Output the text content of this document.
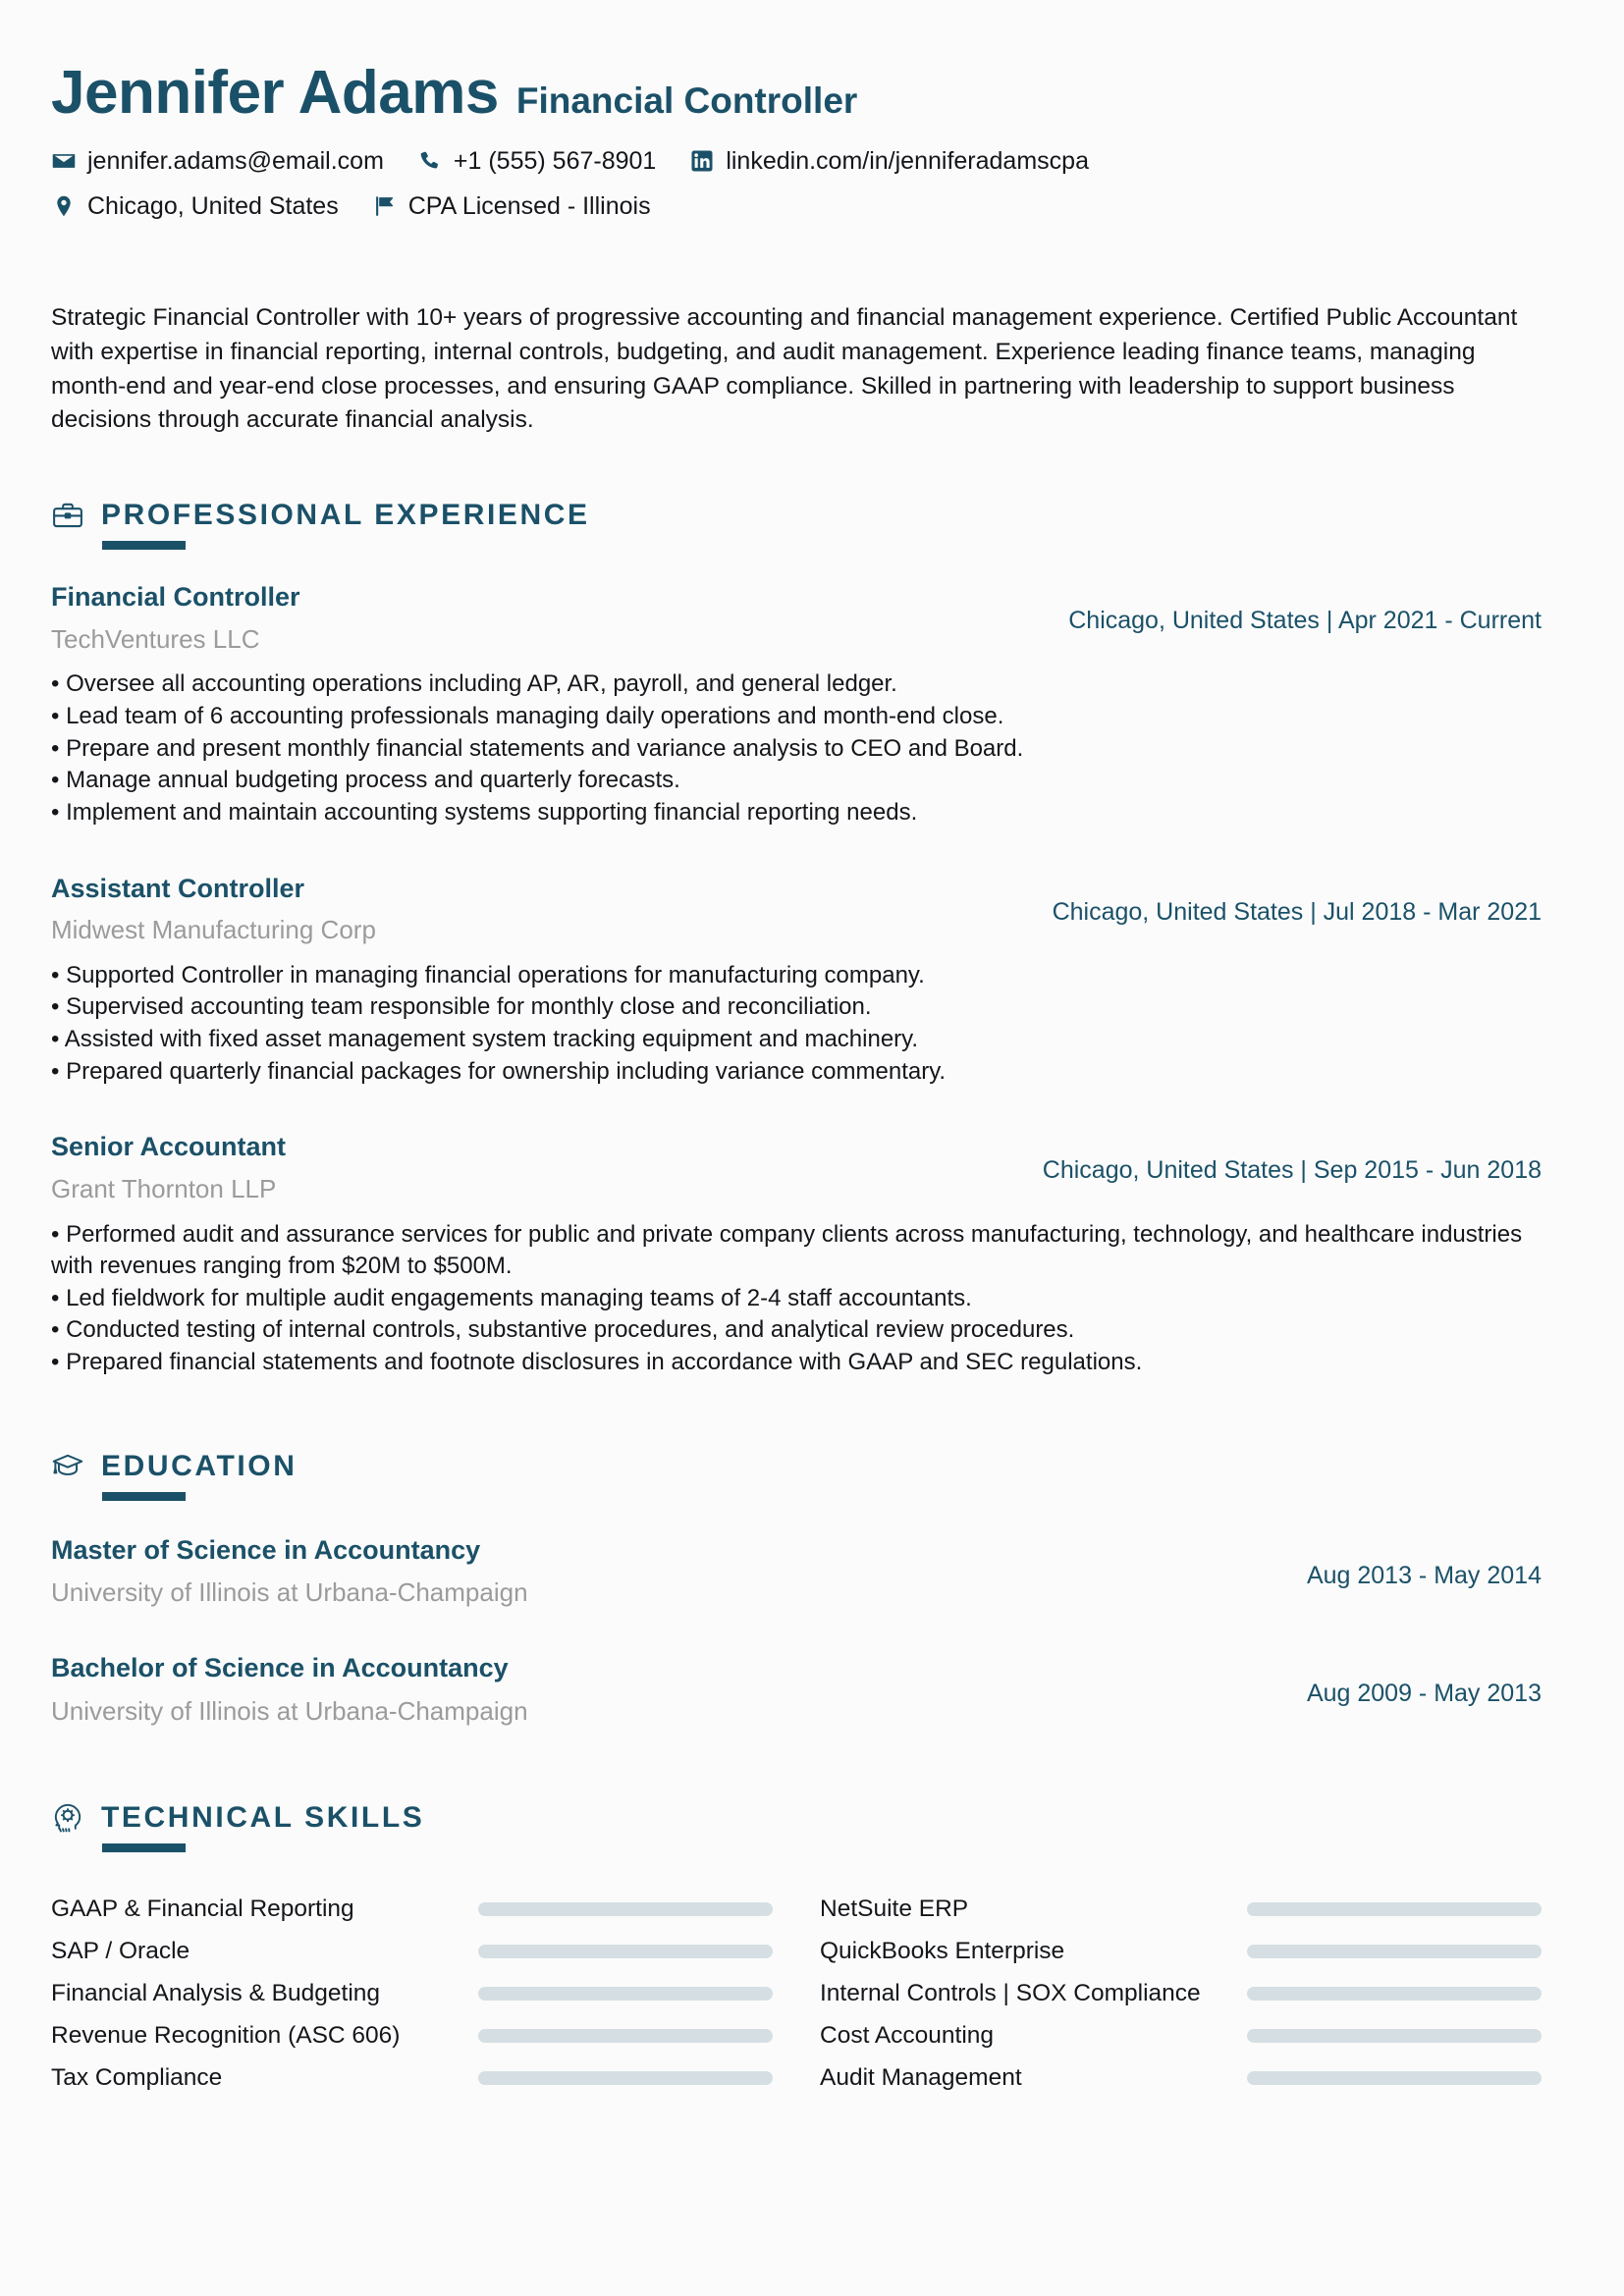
Jennifer Adams Financial Controller
jennifer.adams@email.com	+1 (555) 567-8901	linkedin.com/in/jenniferadamscpa
Chicago, United States	CPA Licensed - Illinois
Strategic Financial Controller with 10+ years of progressive accounting and financial management experience. Certified Public Accountant with expertise in financial reporting, internal controls, budgeting, and audit management. Experience leading finance teams, managing month-end and year-end close processes, and ensuring GAAP compliance. Skilled in partnering with leadership to support business decisions through accurate financial analysis.
PROFESSIONAL EXPERIENCE
Financial Controller
TechVentures LLC
Chicago, United States | Apr 2021 - Current
• Oversee all accounting operations including AP, AR, payroll, and general ledger.
• Lead team of 6 accounting professionals managing daily operations and month-end close.
• Prepare and present monthly financial statements and variance analysis to CEO and Board.
• Manage annual budgeting process and quarterly forecasts.
• Implement and maintain accounting systems supporting financial reporting needs.
Assistant Controller
Midwest Manufacturing Corp
Chicago, United States | Jul 2018 - Mar 2021
• Supported Controller in managing financial operations for manufacturing company.
• Supervised accounting team responsible for monthly close and reconciliation.
• Assisted with fixed asset management system tracking equipment and machinery.
• Prepared quarterly financial packages for ownership including variance commentary.
Senior Accountant
Grant Thornton LLP
Chicago, United States | Sep 2015 - Jun 2018
• Performed audit and assurance services for public and private company clients across manufacturing, technology, and healthcare industries with revenues ranging from $20M to $500M.
• Led fieldwork for multiple audit engagements managing teams of 2-4 staff accountants.
• Conducted testing of internal controls, substantive procedures, and analytical review procedures.
• Prepared financial statements and footnote disclosures in accordance with GAAP and SEC regulations.
EDUCATION
Master of Science in Accountancy
University of Illinois at Urbana-Champaign
Aug 2013 - May 2014
Bachelor of Science in Accountancy
University of Illinois at Urbana-Champaign
Aug 2009 - May 2013
TECHNICAL SKILLS
GAAP & Financial Reporting
SAP / Oracle
Financial Analysis & Budgeting
Revenue Recognition (ASC 606)
Tax Compliance
NetSuite ERP
QuickBooks Enterprise
Internal Controls | SOX Compliance
Cost Accounting
Audit Management
